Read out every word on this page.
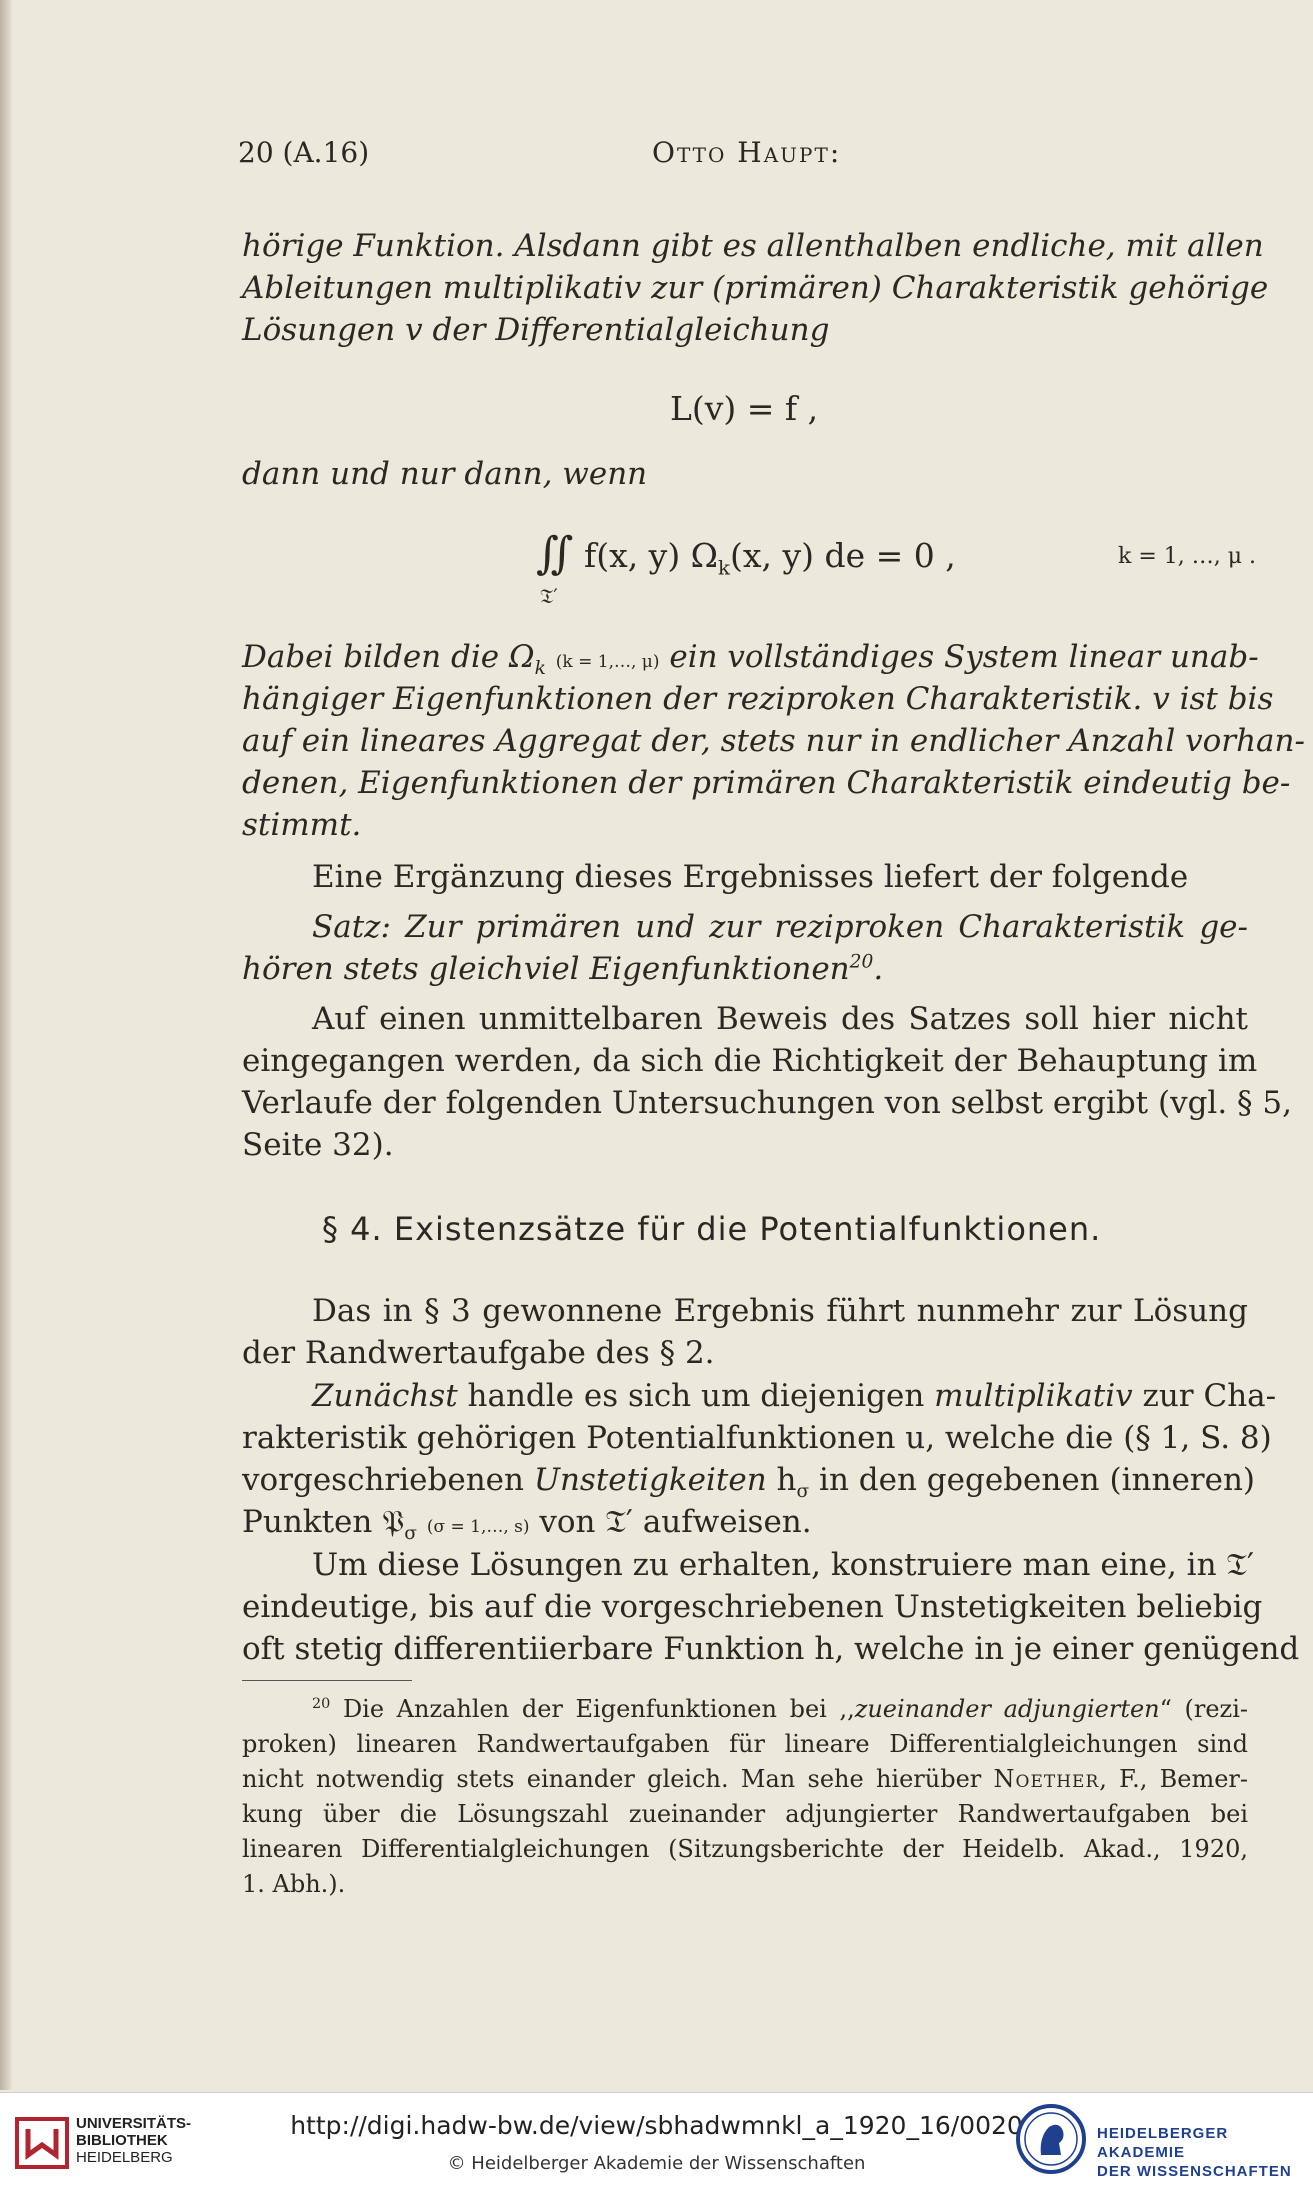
20 (A.16)	Otto Haupt:
hörige Funktion. Alsdann gibt es allenthalben endliche, mit allen
Ableitungen multiplikativ zur (primären) Charakteristik gehörige
Lösungen v der Differentialgleichung
L(v) = f ,
dann und nur dann, wenn
∬
𝔗′
f(x, y) $\Omega_k(x$, y) de = 0 ,	k = 1, …, μ .
Dabei bilden die $\Omega_k$ (k = 1,…, μ) ein vollständiges System linear unab-
hängiger Eigenfunktionen der reziproken Charakteristik. v ist bis
auf ein lineares Aggregat der, stets nur in endlicher Anzahl vorhan-
denen, Eigenfunktionen der primären Charakteristik eindeutig be-
stimmt.
Eine Ergänzung dieses Ergebnisses liefert der folgende
Satz: Zur primären und zur reziproken Charakteristik ge-
hören stets gleichviel Eigenfunktionen$^{20}$.
Auf einen unmittelbaren Beweis des Satzes soll hier nicht
eingegangen werden, da sich die Richtigkeit der Behauptung im
Verlaufe der folgenden Untersuchungen von selbst ergibt (vgl. § 5,
Seite 32).
§ 4. Existenzsätze für die Potentialfunktionen.
Das in § 3 gewonnene Ergebnis führt nunmehr zur Lösung
der Randwertaufgabe des § 2.
Zunächst handle es sich um diejenigen multiplikativ zur Cha-
rakteristik gehörigen Potentialfunktionen u, welche die (§ 1, S. 8)
vorgeschriebenen Unstetigkeiten $h_\sigma$ in den gegebenen (inneren)
Punkten 𝔓$_\sigma$ (σ = 1,…, s) von 𝔗′ aufweisen.
Um diese Lösungen zu erhalten, konstruiere man eine, in 𝔗′
eindeutige, bis auf die vorgeschriebenen Unstetigkeiten beliebig
oft stetig differentiierbare Funktion h, welche in je einer genügend
$^{20}$ Die Anzahlen der Eigenfunktionen bei ,,zueinander adjungierten“ (rezi-
proken) linearen Randwertaufgaben für lineare Differentialgleichungen sind
nicht notwendig stets einander gleich. Man sehe hierüber Noether, F., Bemer-
kung über die Lösungszahl zueinander adjungierter Randwertaufgaben bei
linearen Differentialgleichungen (Sitzungsberichte der Heidelb. Akad., 1920,
1. Abh.).
UNIVERSITÄTS-
BIBLIOTHEK
HEIDELBERG
http://digi.hadw-bw.de/view/sbhadwmnkl_a_1920_16/0020
© Heidelberger Akademie der Wissenschaften
HEIDELBERGER AKADEMIE
DER WISSENSCHAFTEN
